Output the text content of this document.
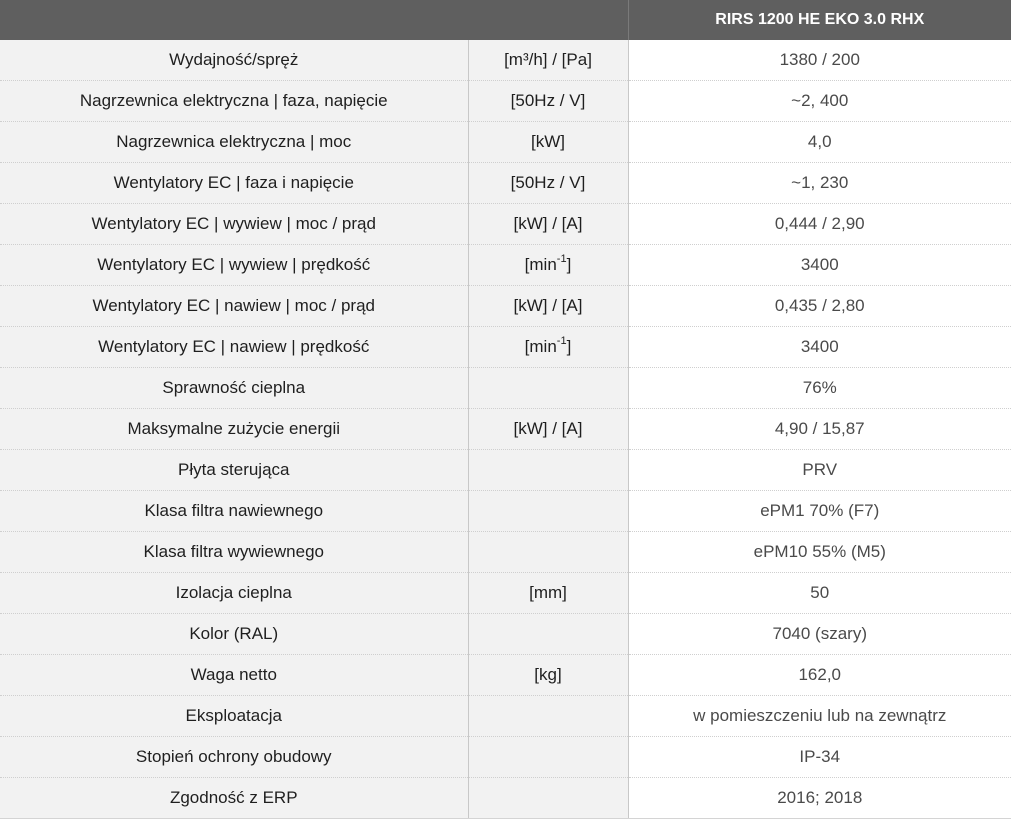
		RIRS 1200 HE EKO 3.0 RHX
Wydajność/spręż	[m³/h] / [Pa]	1380 / 200
Nagrzewnica elektryczna | faza, napięcie	[50Hz / V]	~2, 400
Nagrzewnica elektryczna | moc	[kW]	4,0
Wentylatory EC | faza i napięcie	[50Hz / V]	~1, 230
Wentylatory EC | wywiew | moc / prąd	[kW] / [A]	0,444 / 2,90
Wentylatory EC | wywiew | prędkość	$[\min^{-1}]$	3400
Wentylatory EC | nawiew | moc / prąd	[kW] / [A]	0,435 / 2,80
Wentylatory EC | nawiew | prędkość	$[\min^{-1}]$	3400
Sprawność cieplna		76%
Maksymalne zużycie energii	[kW] / [A]	4,90 / 15,87
Płyta sterująca		PRV
Klasa filtra nawiewnego		ePM1 70% (F7)
Klasa filtra wywiewnego		ePM10 55% (M5)
Izolacja cieplna	[mm]	50
Kolor (RAL)		7040 (szary)
Waga netto	[kg]	162,0
Eksploatacja		w pomieszczeniu lub na zewnątrz
Stopień ochrony obudowy		IP-34
Zgodność z ERP		2016; 2018
